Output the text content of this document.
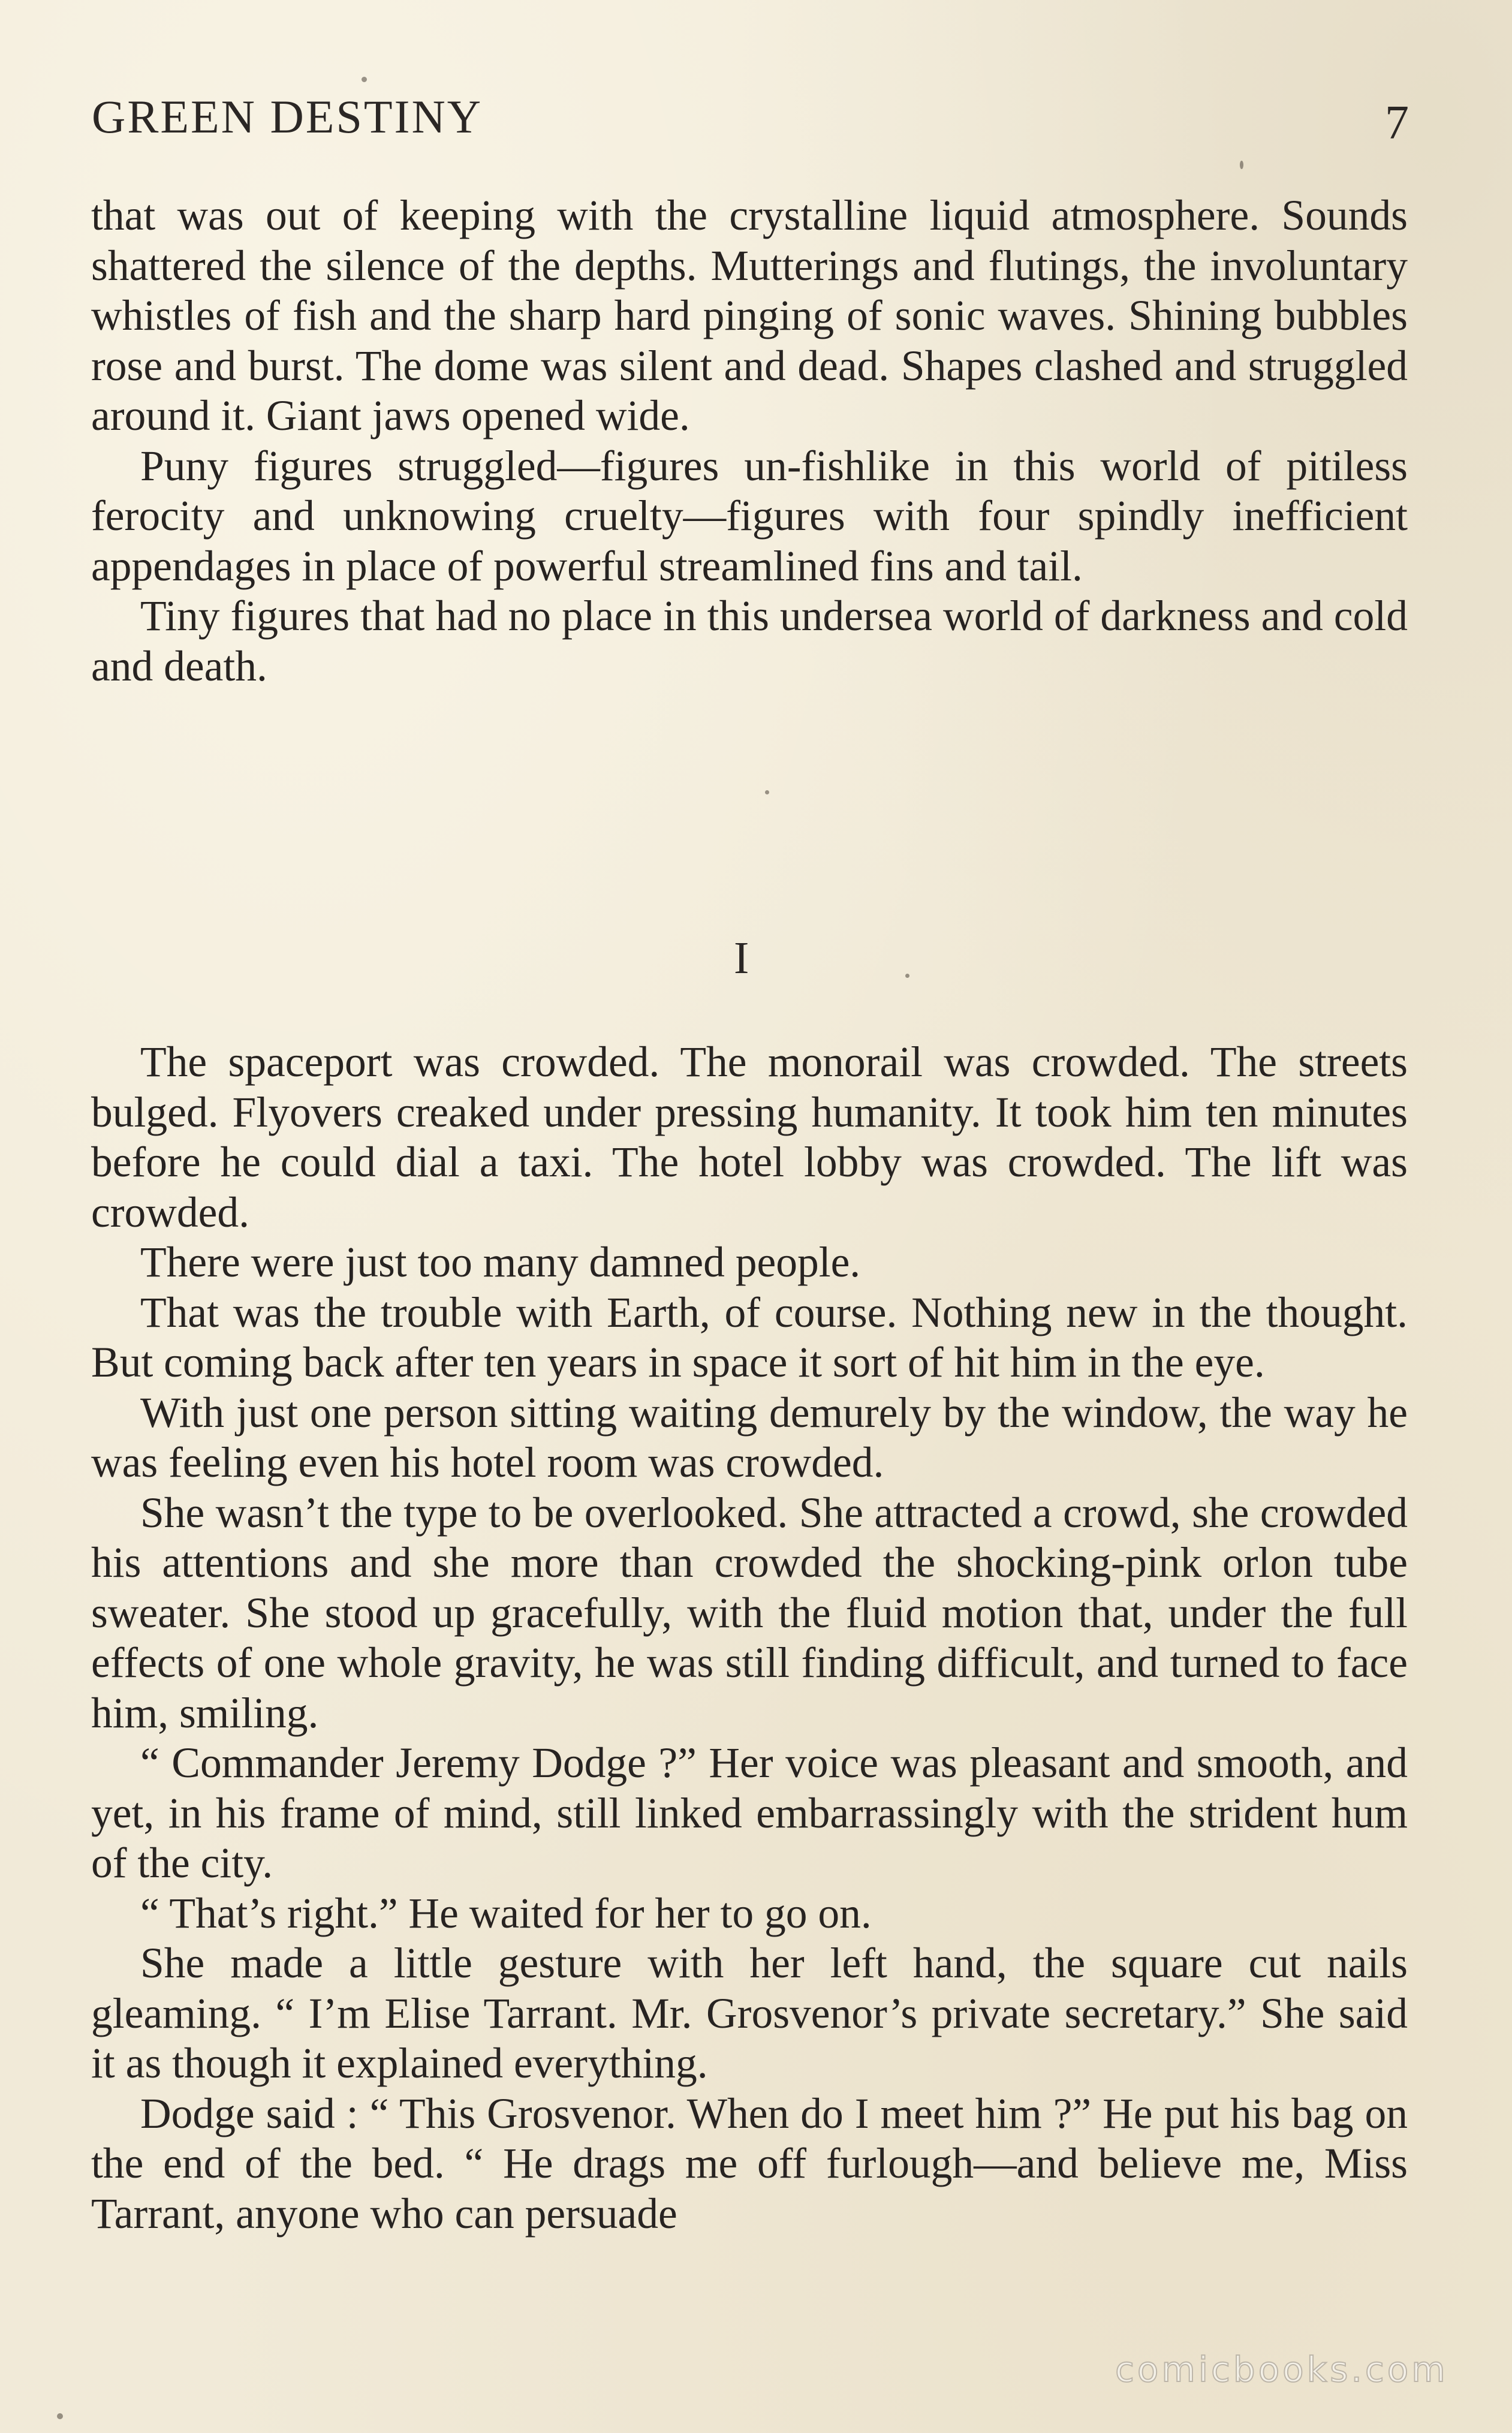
GREEN DESTINY	7

that was out of keeping with the crystalline liquid atmosphere. Sounds shattered the silence of the depths. Mutterings and flutings, the involuntary whistles of fish and the sharp hard pinging of sonic waves. Shining bubbles rose and burst. The dome was silent and dead. Shapes clashed and struggled around it. Giant jaws opened wide.

Puny figures struggled—figures un-fishlike in this world of pitiless ferocity and unknowing cruelty—figures with four spindly inefficient appendages in place of powerful streamlined fins and tail.

Tiny figures that had no place in this undersea world of darkness and cold and death.

I

The spaceport was crowded. The monorail was crowded. The streets bulged. Flyovers creaked under pressing humanity. It took him ten minutes before he could dial a taxi. The hotel lobby was crowded. The lift was crowded.

There were just too many damned people.

That was the trouble with Earth, of course. Nothing new in the thought. But coming back after ten years in space it sort of hit him in the eye.

With just one person sitting waiting demurely by the window, the way he was feeling even his hotel room was crowded.

She wasn’t the type to be overlooked. She attracted a crowd, she crowded his attentions and she more than crowded the shocking-pink orlon tube sweater. She stood up gracefully, with the fluid motion that, under the full effects of one whole gravity, he was still finding difficult, and turned to face him, smiling.

“ Commander Jeremy Dodge ?” Her voice was pleasant and smooth, and yet, in his frame of mind, still linked embarrassingly with the strident hum of the city.

“ That’s right.” He waited for her to go on.

She made a little gesture with her left hand, the square cut nails gleaming. “ I’m Elise Tarrant. Mr. Grosvenor’s private secretary.” She said it as though it explained everything.

Dodge said : “ This Grosvenor. When do I meet him ?” He put his bag on the end of the bed. “ He drags me off furlough—and believe me, Miss Tarrant, anyone who can persuade

comicbooks.com
